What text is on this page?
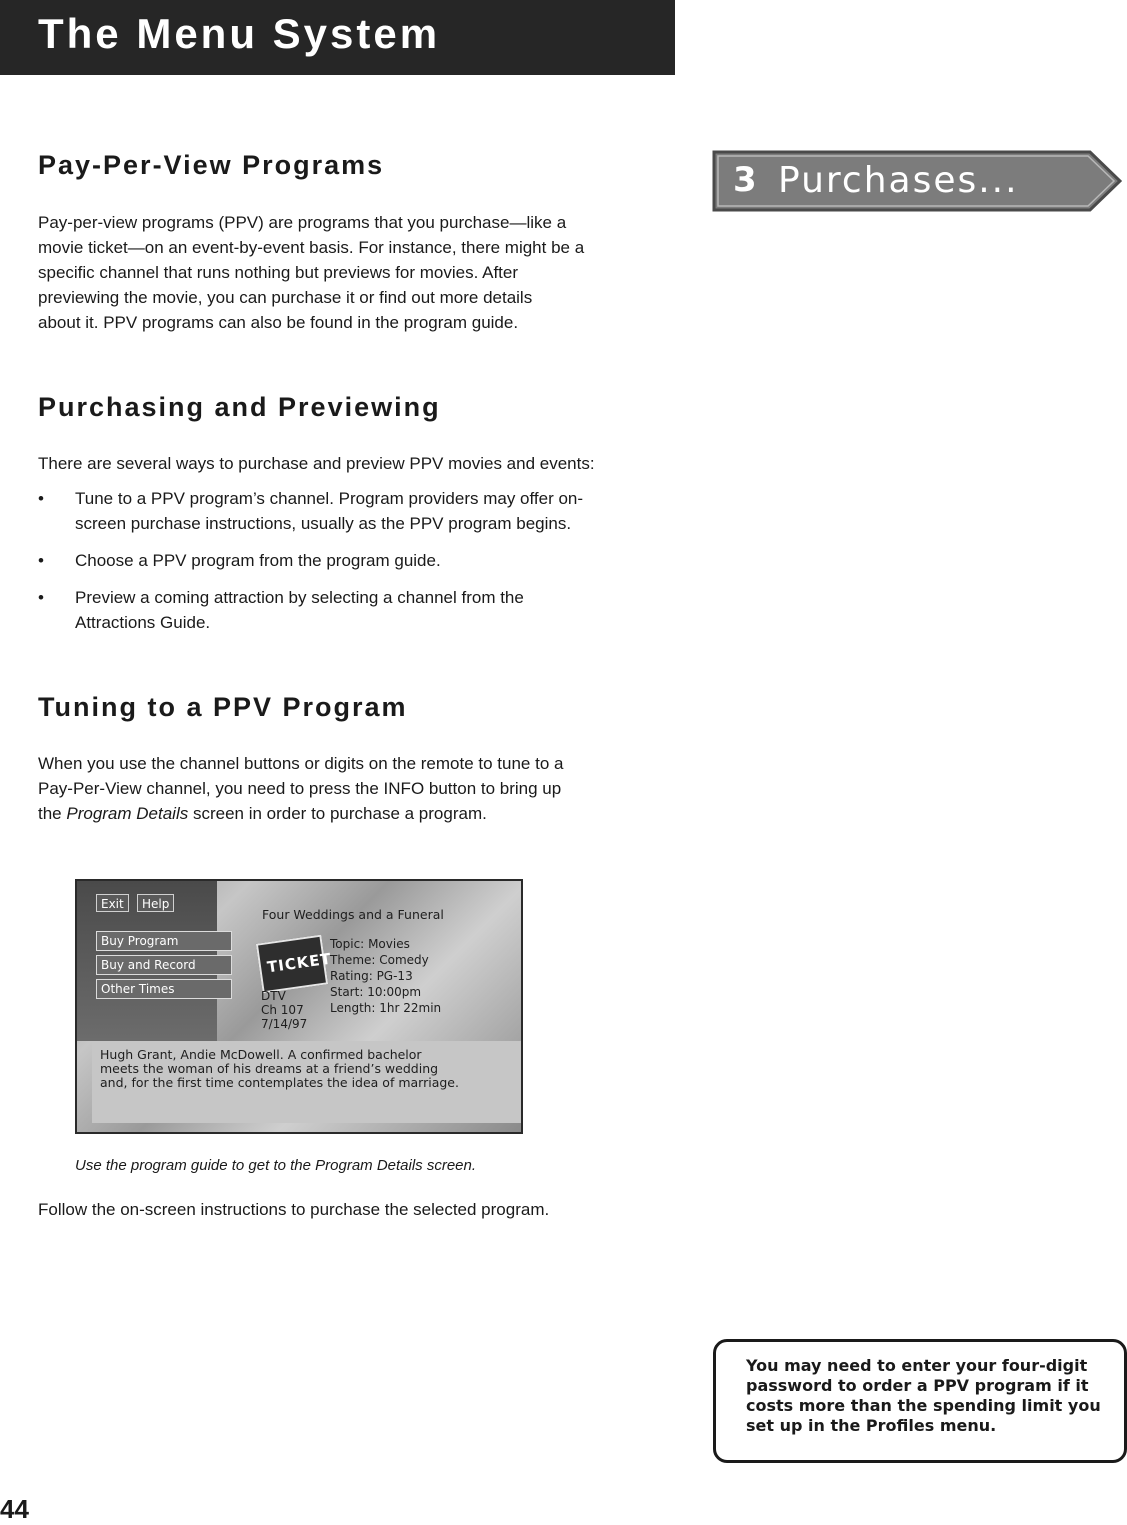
The Menu System
Pay-Per-View Programs
Pay-per-view programs (PPV) are programs that you purchase—like a
movie ticket—on an event-by-event basis. For instance, there might be a
specific channel that runs nothing but previews for movies. After
previewing the movie, you can purchase it or find out more details
about it. PPV programs can also be found in the program guide.
Purchasing and Previewing
There are several ways to purchase and preview PPV movies and events:
• Tune to a PPV program’s channel. Program providers may offer on-
screen purchase instructions, usually as the PPV program begins.
• Choose a PPV program from the program guide.
• Preview a coming attraction by selecting a channel from the
Attractions Guide.
Tuning to a PPV Program
When you use the channel buttons or digits on the remote to tune to a
Pay-Per-View channel, you need to press the INFO button to bring up
the Program Details screen in order to purchase a program.
3 Purchases...
Exit	Help
Buy Program
Buy and Record
Other Times
Four Weddings and a Funeral
TICKET
DTV
Ch 107
7/14/97
Topic: Movies
Theme: Comedy
Rating: PG-13
Start: 10:00pm
Length: 1hr 22min
Hugh Grant, Andie McDowell. A confirmed bachelor
meets the woman of his dreams at a friend’s wedding
and, for the first time contemplates the idea of marriage.
Use the program guide to get to the Program Details screen.
Follow the on-screen instructions to purchase the selected program.
You may need to enter your four-digit password to order a PPV program if it costs more than the spending limit you set up in the Profiles menu.
44
